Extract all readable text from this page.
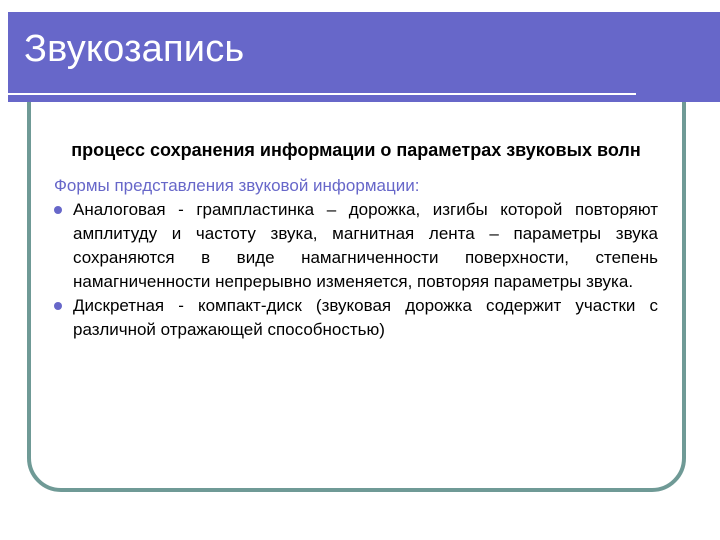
Звукозапись

процесс сохранения информации о параметрах звуковых волн

Формы представления звуковой информации:

Аналоговая - грампластинка – дорожка, изгибы которой повторяют амплитуду и частоту звука, магнитная лента – параметры звука сохраняются в виде намагниченности поверхности, степень намагниченности непрерывно изменяется, повторяя параметры звука.
Дискретная - компакт-диск (звуковая дорожка содержит участки с различной отражающей способностью)
